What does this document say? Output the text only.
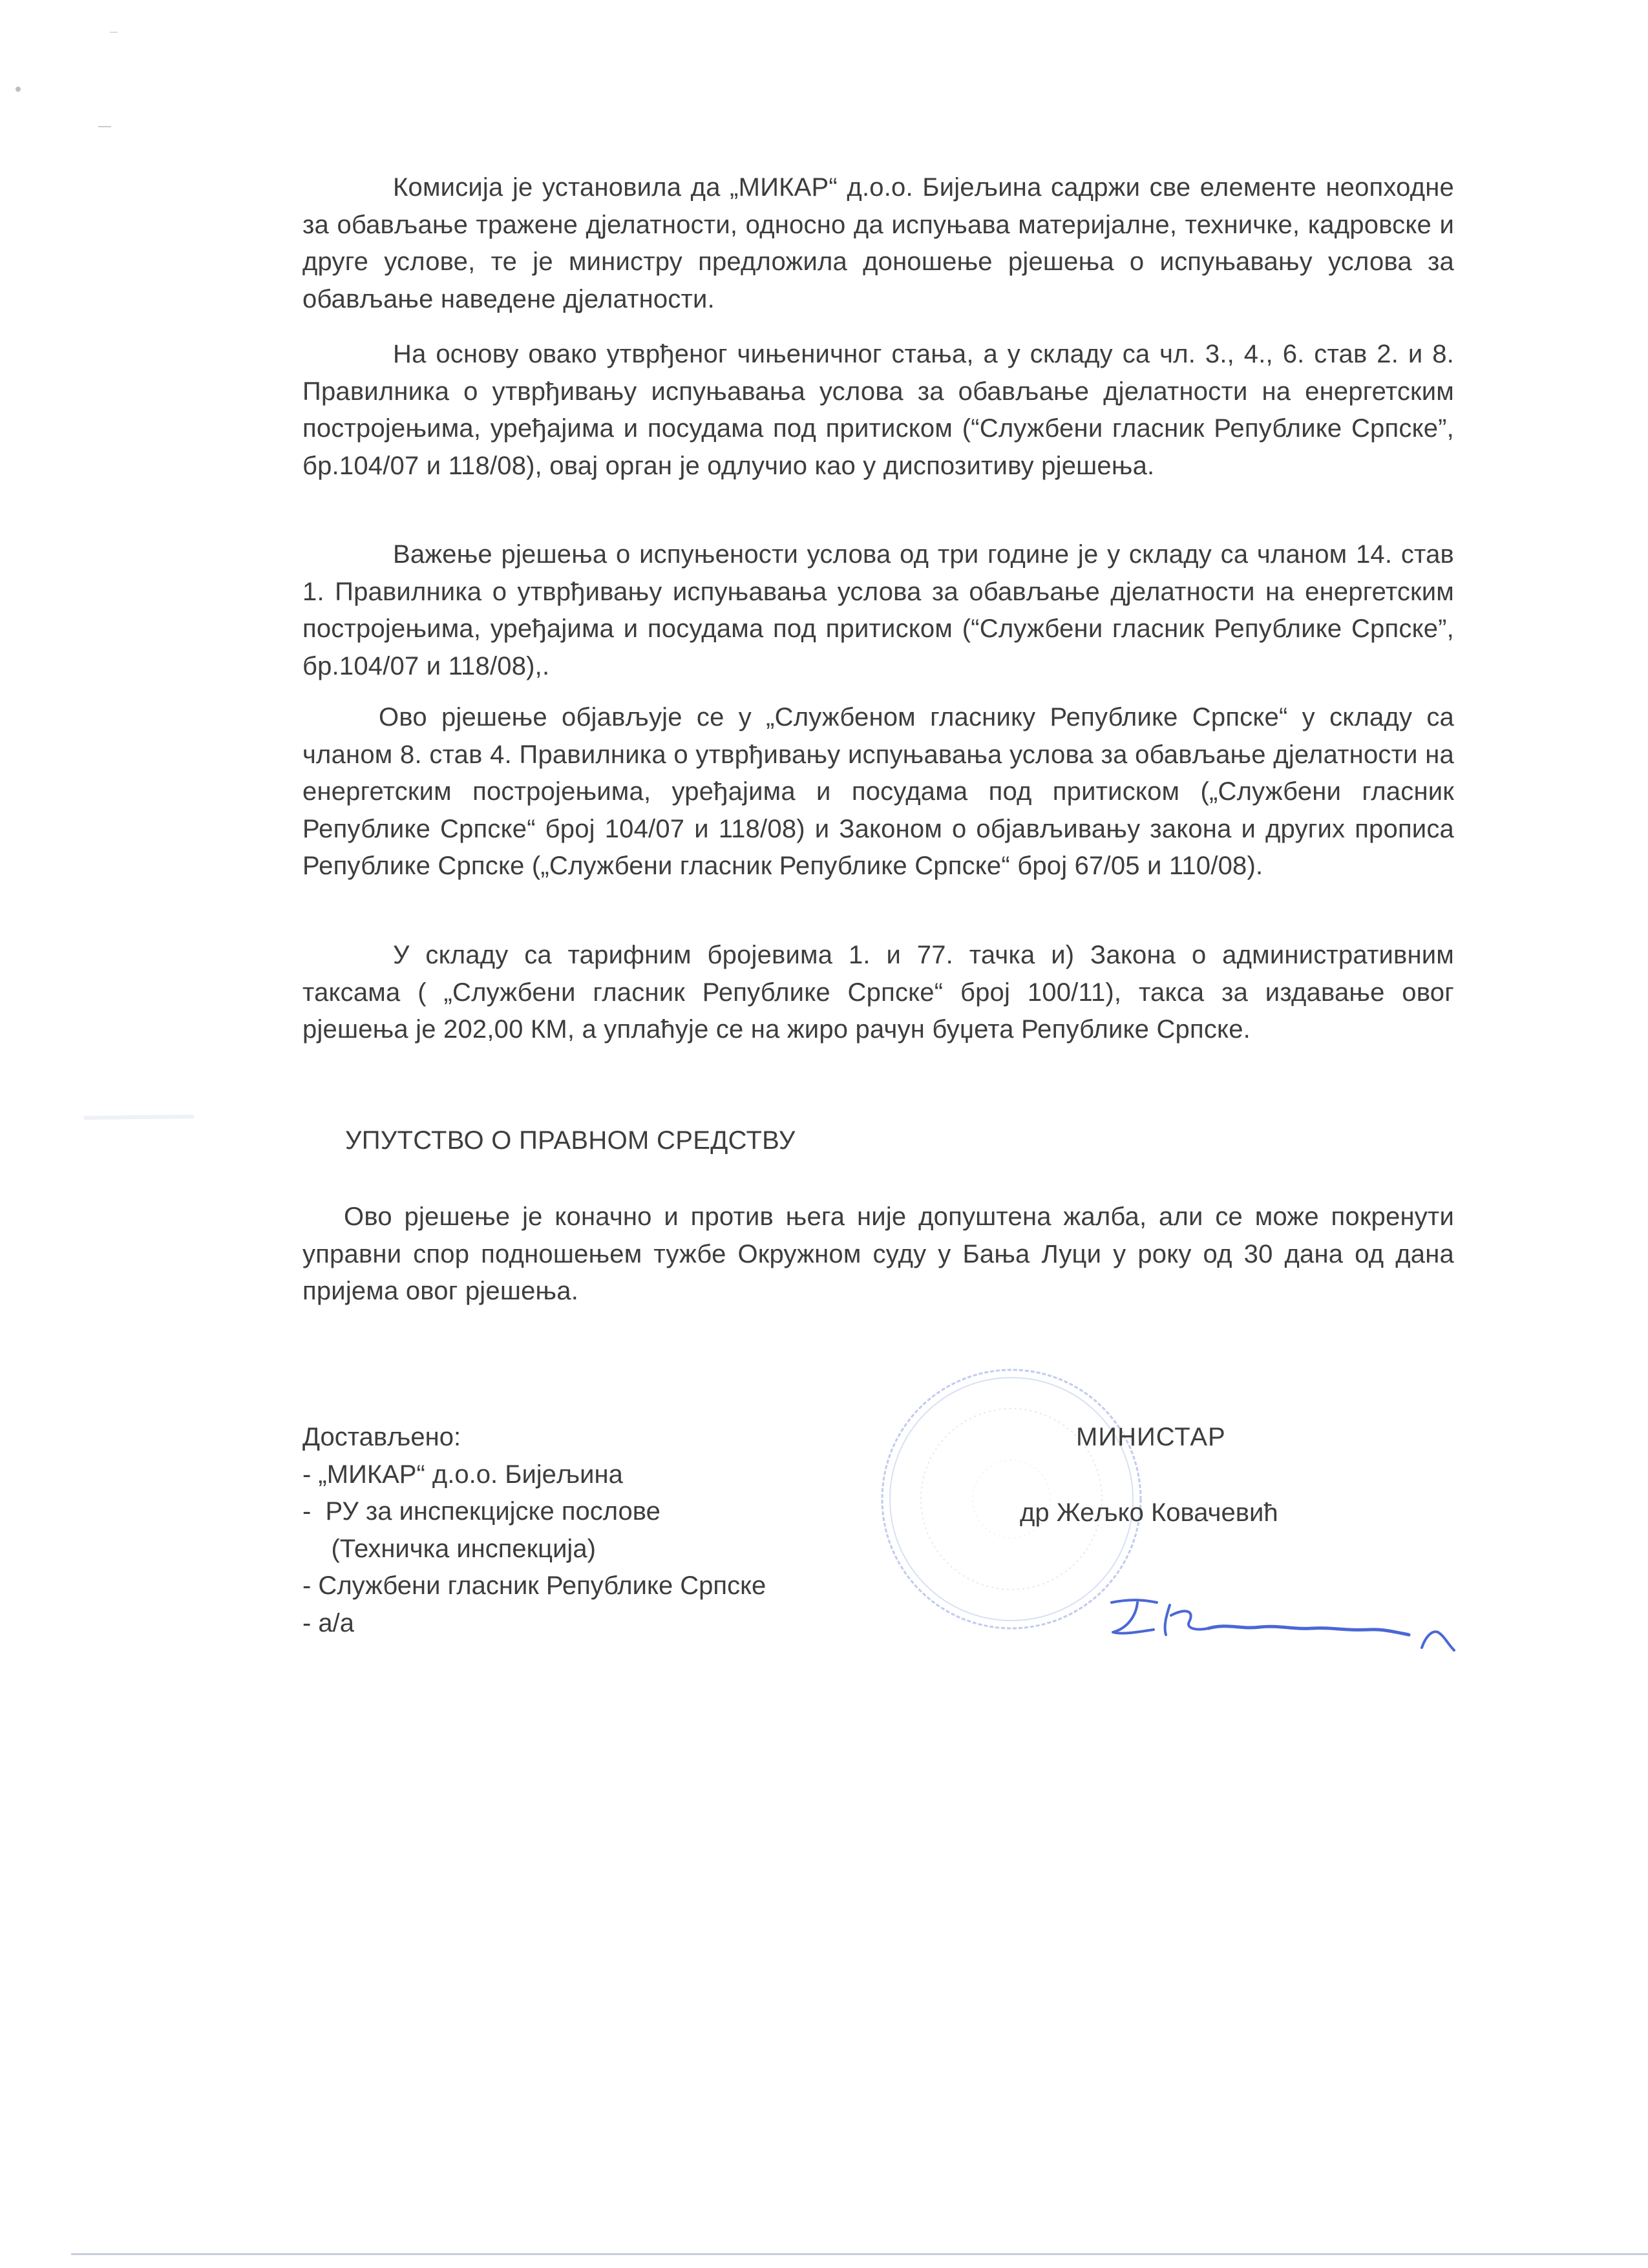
Комисија је установила да „МИКАР“ д.о.о. Бијељина садржи све елементе неопходне за обављање тражене дјелатности, односно да испуњава материјалне, техничке, кадровске и друге услове, те је министру предложила доношење рјешења о испуњавању услова за обављање наведене дјелатности.

На основу овако утврђеног чињеничног стања, а у складу са чл. 3., 4., 6. став 2. и 8. Правилника о утврђивању испуњавања услова за обављање дјелатности на енергетским постројењима, уређајима и посудама под притиском (“Службени гласник Републике Српске”, бр.104/07 и 118/08), овај орган је одлучио као у диспозитиву рјешења.

Важење рјешења о испуњености услова од три године је у складу са чланом 14. став 1. Правилника о утврђивању испуњавања услова за обављање дјелатности на енергетским постројењима, уређајима и посудама под притиском (“Службени гласник Републике Српске”, бр.104/07 и 118/08),.

Ово рјешење објављује се у „Службеном гласнику Републике Српске“ у складу са чланом 8. став 4. Правилника о утврђивању испуњавања услова за обављање дјелатности на енергетским постројењима, уређајима и посудама под притиском („Службени гласник Републике Српске“ број 104/07 и 118/08) и Законом о објављивању закона и других прописа Републике Српске („Службени гласник Републике Српске“ број 67/05 и 110/08).

У складу са тарифним бројевима 1. и 77. тачка и) Закона о административним таксама ( „Службени гласник Републике Српске“ број 100/11), такса за издавање овог рјешења је 202,00 КМ, а уплаћује се на жиро рачун буџета Републике Српске.

УПУТСТВО О ПРАВНОМ СРЕДСТВУ

Ово рјешење је коначно и против њега није допуштена жалба, али се може покренути управни спор подношењем тужбе Окружном суду у Бања Луци у року од 30 дана од дана пријема овог рјешења.

Достављено:
- „МИКАР“ д.о.о. Бијељина
-  РУ за инспекцијске послове
(Техничка инспекција)
- Службени гласник Републике Српске
- а/а
МИНИСТАР
др Жељко Ковачевић
